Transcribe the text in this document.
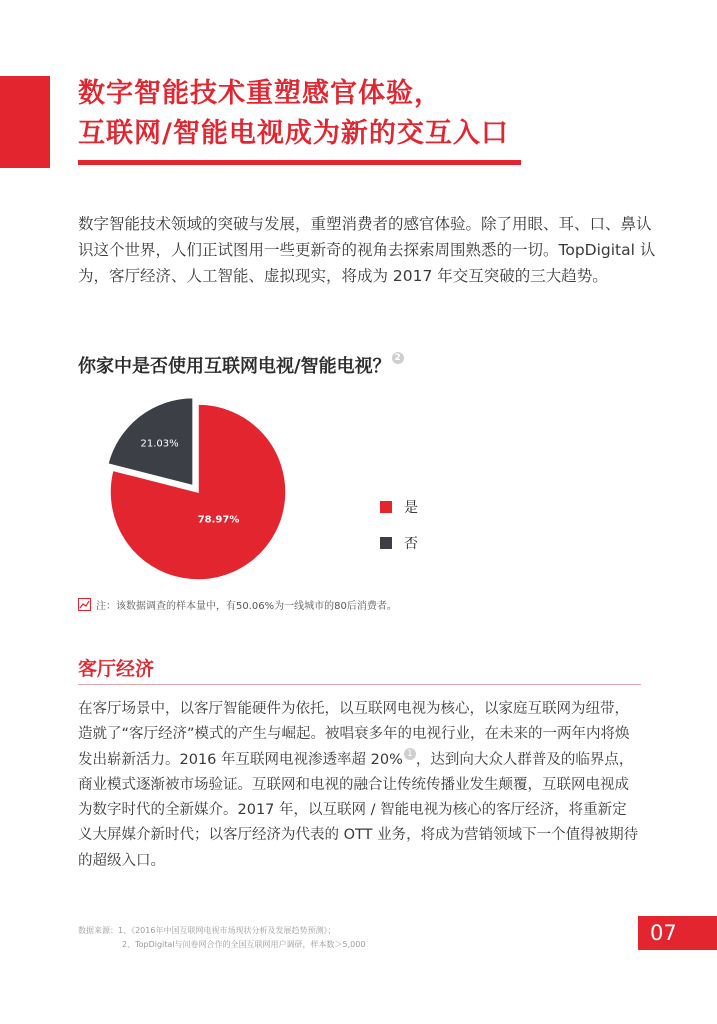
数字智能技术重塑感官体验，
互联网/智能电视成为新的交互入口

数字智能技术领域的突破与发展，重塑消费者的感官体验。除了用眼、耳、口、鼻认识这个世界，人们正试图用一些更新奇的视角去探索周围熟悉的一切。TopDigital 认为，客厅经济、人工智能、虚拟现实，将成为 2017 年交互突破的三大趋势。

你家中是否使用互联网电视/智能电视？ 2
78.97%
21.03%
是
否
注：该数据调查的样本量中，有50.06%为一线城市的80后消费者。
客厅经济

在客厅场景中，以客厅智能硬件为依托，以互联网电视为核心，以家庭互联网为纽带，造就了“客厅经济”模式的产生与崛起。被唱衰多年的电视行业，在未来的一两年内将焕发出崭新活力。2016 年互联网电视渗透率超 20% 1 ，达到向大众人群普及的临界点，商业模式逐渐被市场验证。互联网和电视的融合让传统传播业发生颠覆，互联网电视成为数字时代的全新媒介。2017 年，以互联网 / 智能电视为核心的客厅经济，将重新定义大屏媒介新时代；以客厅经济为代表的 OTT 业务，将成为营销领域下一个值得被期待的超级入口。

数据来源：1、《2016年中国互联网电视市场现状分析及发展趋势预测》；
2、TopDigital与问卷网合作的全国互联网用户调研，样本数＞5,000	07
